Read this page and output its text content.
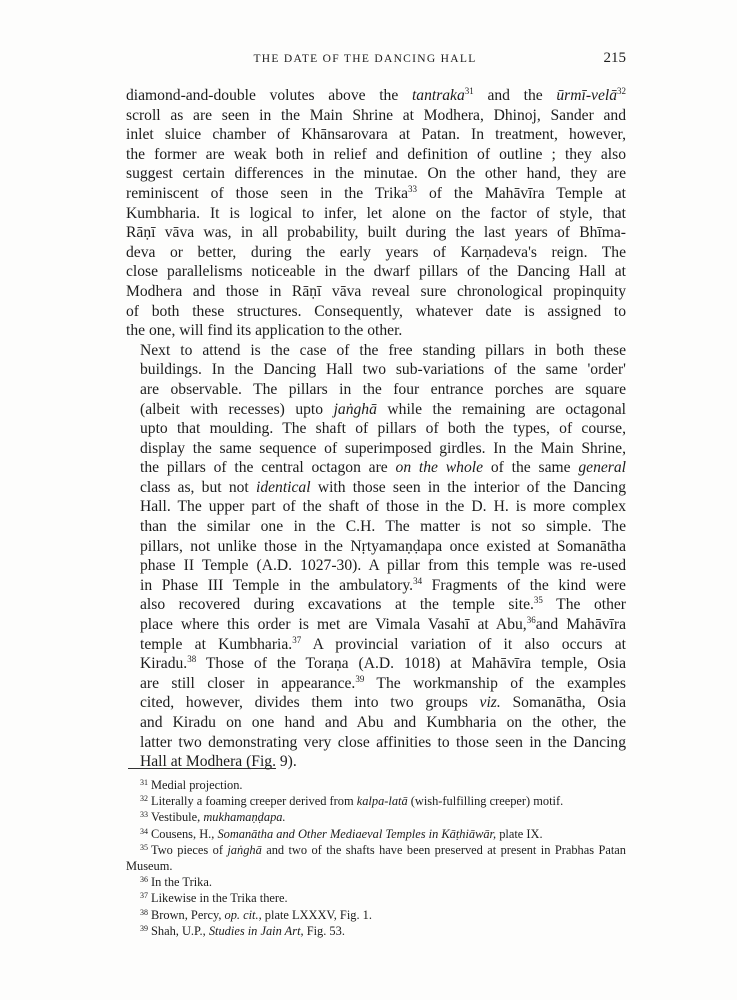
THE DATE OF THE DANCING HALL	215

diamond-and-double volutes above the tantraka$^{31}$ and the ūrmī-velā$^{32}$
scroll as are seen in the Main Shrine at Modhera, Dhinoj, Sander and
inlet sluice chamber of Khānsarovara at Patan. In treatment, however,
the former are weak both in relief and definition of outline ; they also
suggest certain differences in the minutae. On the other hand, they are
reminiscent of those seen in the Trika$^{33}$ of the Mahāvīra Temple at
Kumbharia. It is logical to infer, let alone on the factor of style, that
Rāṇī vāva was, in all probability, built during the last years of Bhīma-
deva or better, during the early years of Karṇadeva's reign. The
close parallelisms noticeable in the dwarf pillars of the Dancing Hall at
Modhera and those in Rāṇī vāva reveal sure chronological propinquity
of both these structures. Consequently, whatever date is assigned to
the one, will find its application to the other.

Next to attend is the case of the free standing pillars in both these
buildings. In the Dancing Hall two sub-variations of the same 'order'
are observable. The pillars in the four entrance porches are square
(albeit with recesses) upto jaṅghā while the remaining are octagonal
upto that moulding. The shaft of pillars of both the types, of course,
display the same sequence of superimposed girdles. In the Main Shrine,
the pillars of the central octagon are on the whole of the same general
class as, but not identical with those seen in the interior of the Dancing
Hall. The upper part of the shaft of those in the D. H. is more complex
than the similar one in the C.H. The matter is not so simple. The
pillars, not unlike those in the Nṛtyamaṇḍapa once existed at Somanātha
phase II Temple (A.D. 1027-30). A pillar from this temple was re-used
in Phase III Temple in the ambulatory.$^{34}$ Fragments of the kind were
also recovered during excavations at the temple site.$^{35}$ The other
place where this order is met are Vimala Vasahī at Abu,$^{36}$and Mahāvīra
temple at Kumbharia.$^{37}$ A provincial variation of it also occurs at
Kiradu.$^{38}$ Those of the Toraṇa (A.D. 1018) at Mahāvīra temple, Osia
are still closer in appearance.$^{39}$ The workmanship of the examples
cited, however, divides them into two groups viz. Somanātha, Osia
and Kiradu on one hand and Abu and Kumbharia on the other, the
latter two demonstrating very close affinities to those seen in the Dancing
Hall at Modhera (Fig. 9).

$^{31}$ Medial projection.

$^{32}$ Literally a foaming creeper derived from kalpa-latā (wish-fulfilling creeper) motif.

$^{33}$ Vestibule, mukhamaṇḍapa.

$^{34}$ Cousens, H., Somanātha and Other Mediaeval Temples in Kāṭhiāwār, plate IX.

$^{35}$ Two pieces of jaṅghā and two of the shafts have been preserved at present in Prabhas Patan Museum.

$^{36}$ In the Trika.

$^{37}$ Likewise in the Trika there.

$^{38}$ Brown, Percy, op. cit., plate LXXXV, Fig. 1.

$^{39}$ Shah, U.P., Studies in Jain Art, Fig. 53.
